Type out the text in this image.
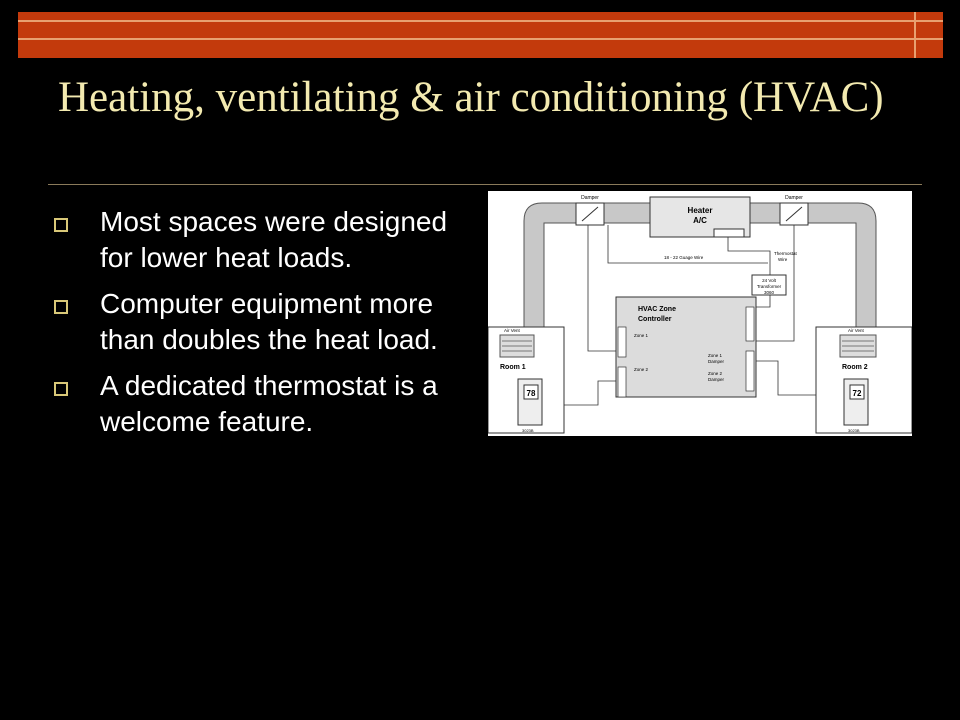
Heating, ventilating & air conditioning (HVAC)
Most spaces were designed for lower heat loads.
Computer equipment more than doubles the heat load.
A dedicated thermostat is a welcome feature.
Heater
A/C
Damper	Damper
18 - 22 Guage Wire
Thermostat
Wire
24 Volt
Transformer
3060
HVAC Zone
Controller
Zone 1
Zone 2
Zone 1
Damper
Zone 2
Damper
Air Vent
Room 1
78
3023B
Air Vent
Room 2
72
3023B
